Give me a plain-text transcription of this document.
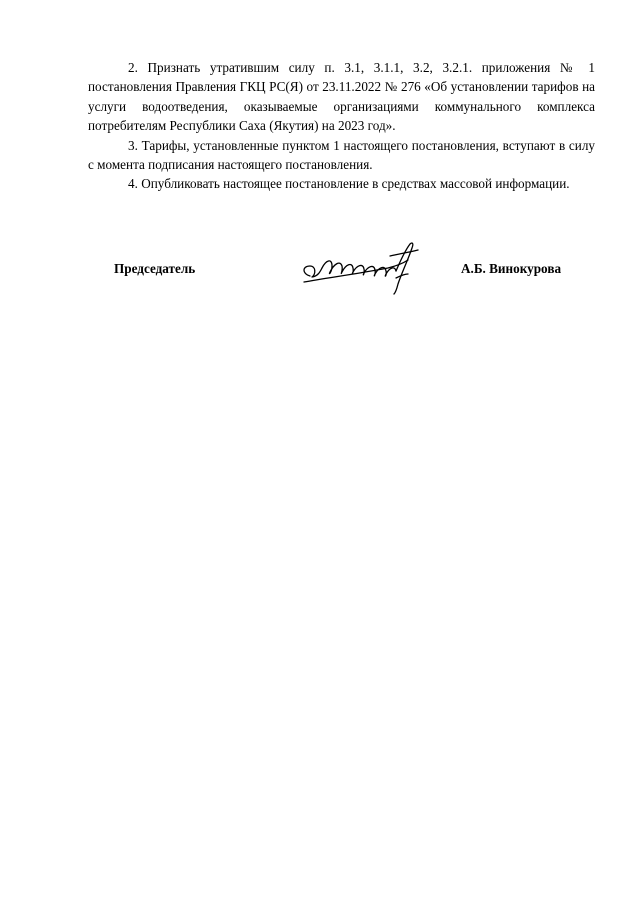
2. Признать утратившим силу п. 3.1, 3.1.1, 3.2, 3.2.1. приложения № 1 постановления Правления ГКЦ РС(Я) от 23.11.2022 № 276 «Об установлении тарифов на услуги водоотведения, оказываемые организациями коммунального комплекса потребителям Республики Саха (Якутия) на 2023 год».

3. Тарифы, установленные пунктом 1 настоящего постановления, вступают в силу с момента подписания настоящего постановления.

4. Опубликовать настоящее постановление в средствах массовой информации.

Председатель	А.Б. Винокурова
